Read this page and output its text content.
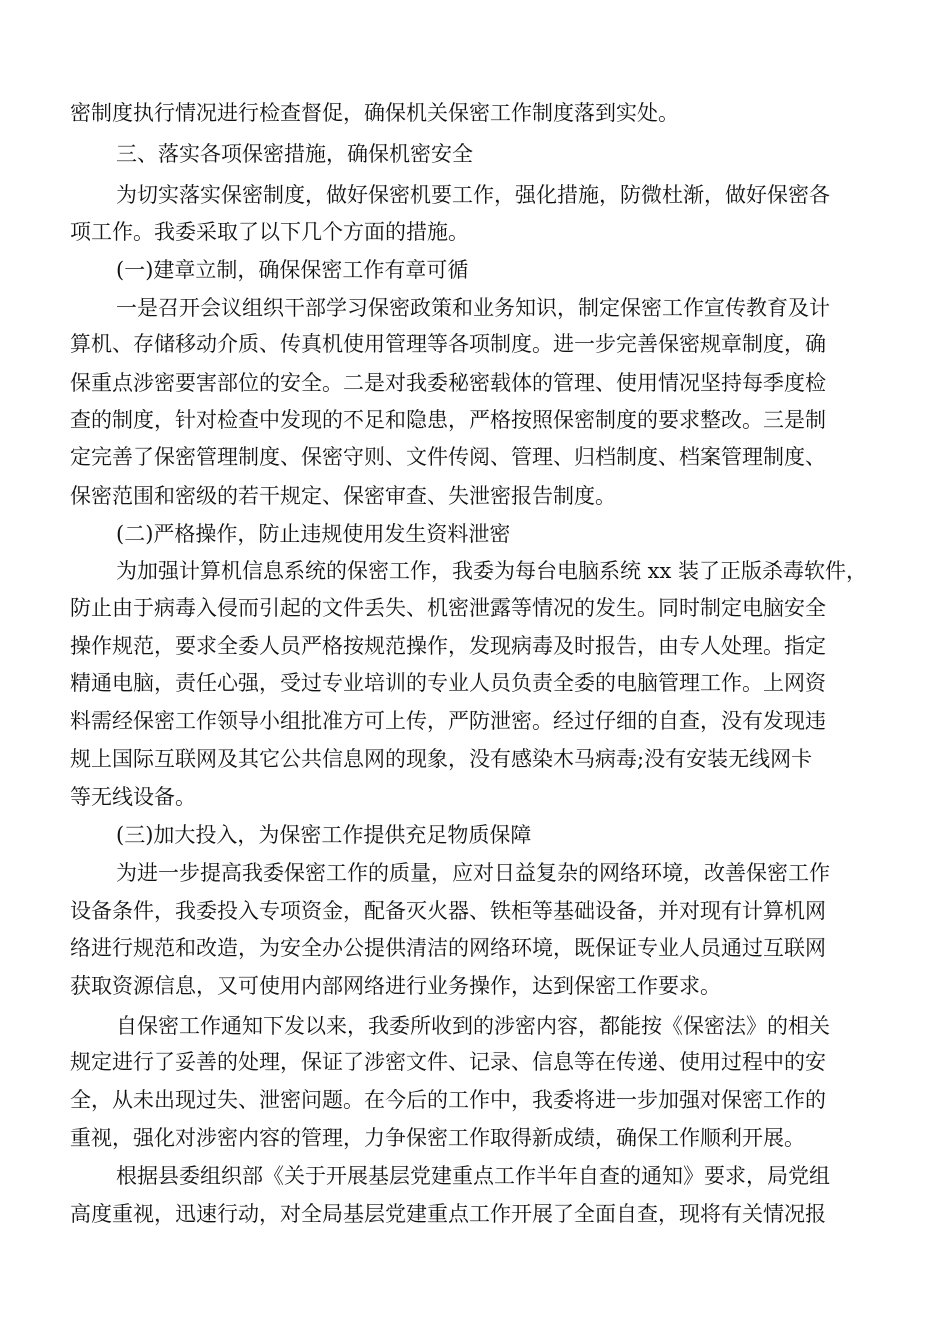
密制度执行情况进行检查督促，确保机关保密工作制度落到实处。
三、落实各项保密措施，确保机密安全
为切实落实保密制度，做好保密机要工作，强化措施，防微杜渐，做好保密各
项工作。我委采取了以下几个方面的措施。
(一)建章立制，确保保密工作有章可循
一是召开会议组织干部学习保密政策和业务知识，制定保密工作宣传教育及计
算机、存储移动介质、传真机使用管理等各项制度。进一步完善保密规章制度，确
保重点涉密要害部位的安全。二是对我委秘密载体的管理、使用情况坚持每季度检
查的制度，针对检查中发现的不足和隐患，严格按照保密制度的要求整改。三是制
定完善了保密管理制度、保密守则、文件传阅、管理、归档制度、档案管理制度、
保密范围和密级的若干规定、保密审查、失泄密报告制度。
(二)严格操作，防止违规使用发生资料泄密
为加强计算机信息系统的保密工作，我委为每台电脑系统 xx 装了正版杀毒软件，
防止由于病毒入侵而引起的文件丢失、机密泄露等情况的发生。同时制定电脑安全
操作规范，要求全委人员严格按规范操作，发现病毒及时报告，由专人处理。指定
精通电脑，责任心强，受过专业培训的专业人员负责全委的电脑管理工作。上网资
料需经保密工作领导小组批准方可上传，严防泄密。经过仔细的自查，没有发现违
规上国际互联网及其它公共信息网的现象，没有感染木马病毒;没有安装无线网卡
等无线设备。
(三)加大投入，为保密工作提供充足物质保障
为进一步提高我委保密工作的质量，应对日益复杂的网络环境，改善保密工作
设备条件，我委投入专项资金，配备灭火器、铁柜等基础设备，并对现有计算机网
络进行规范和改造，为安全办公提供清洁的网络环境，既保证专业人员通过互联网
获取资源信息，又可使用内部网络进行业务操作，达到保密工作要求。
自保密工作通知下发以来，我委所收到的涉密内容，都能按《保密法》的相关
规定进行了妥善的处理，保证了涉密文件、记录、信息等在传递、使用过程中的安
全，从未出现过失、泄密问题。在今后的工作中，我委将进一步加强对保密工作的
重视，强化对涉密内容的管理，力争保密工作取得新成绩，确保工作顺利开展。
根据县委组织部《关于开展基层党建重点工作半年自查的通知》要求，局党组
高度重视，迅速行动，对全局基层党建重点工作开展了全面自查，现将有关情况报
